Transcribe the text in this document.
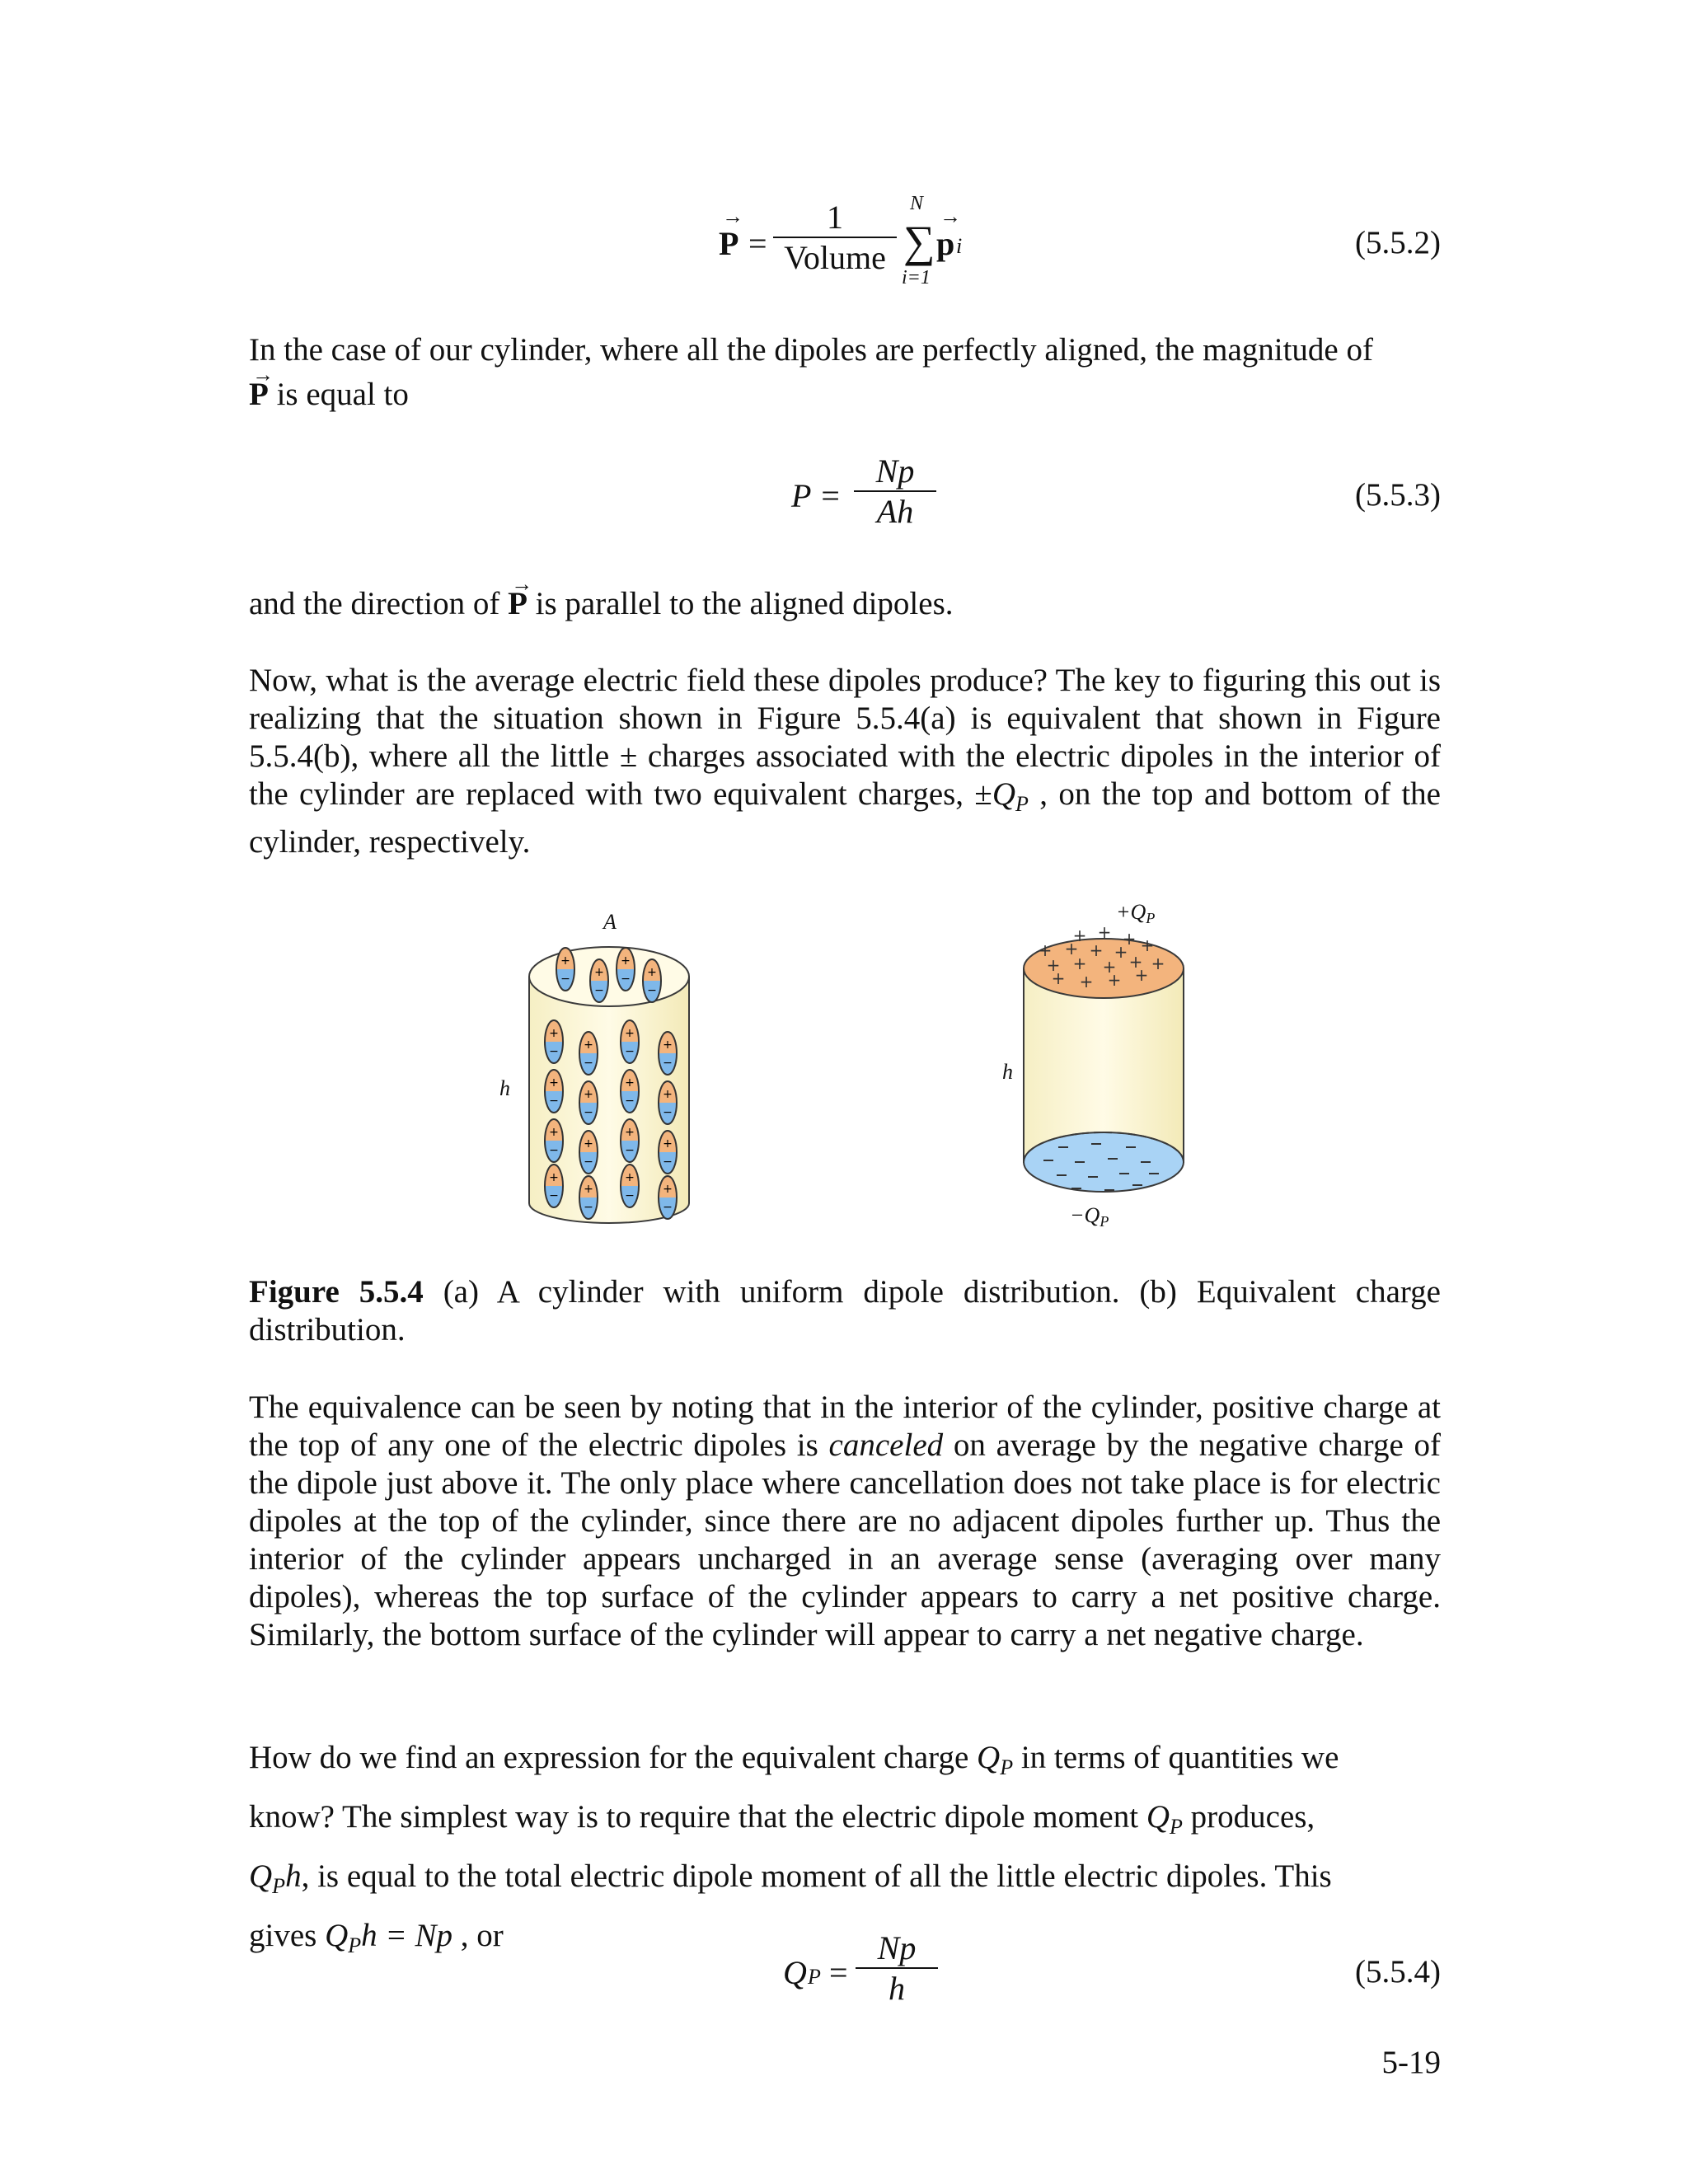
→ P =
1
Volume
N
∑
i=1
→ p i	(5.5.2)
In the case of our cylinder, where all the dipoles are perfectly aligned, the magnitude of
→ P is equal to
$P = \frac{Np}{Ah}$	(5.5.3)
and the direction of → P is parallel to the aligned dipoles.
Now, what is the average electric field these dipoles produce? The key to figuring this out is realizing that the situation shown in Figure 5.5.4(a) is equivalent that shown in Figure 5.5.4(b), where all the little ± charges associated with the electric dipoles in the interior of the cylinder are replaced with two equivalent charges, $\pm Q_P$ , on the top and bottom of the cylinder, respectively.
+
− +
−
+
− +
−
+
− +
−
+
− +
−
+
− +
−
+
− +
−
+
− +
−
+
− +
−
+
− +
−
+
− +
−
+ + +
+ + + + +
+ + + + +
+ + + +
A
h
h
+QP
−QP
Figure 5.5.4 (a) A cylinder with uniform dipole distribution. (b) Equivalent charge distribution.
The equivalence can be seen by noting that in the interior of the cylinder, positive charge at the top of any one of the electric dipoles is canceled on average by the negative charge of the dipole just above it. The only place where cancellation does not take place is for electric dipoles at the top of the cylinder, since there are no adjacent dipoles further up. Thus the interior of the cylinder appears uncharged in an average sense (averaging over many dipoles), whereas the top surface of the cylinder appears to carry a net positive charge. Similarly, the bottom surface of the cylinder will appear to carry a net negative charge.
How do we find an expression for the equivalent charge $Q_P$ in terms of quantities we
know? The simplest way is to require that the electric dipole moment $Q_P$ produces,
$Q_Ph$, is equal to the total electric dipole moment of all the little electric dipoles. This
gives $Q_Ph = Np$ , or
Q $P = \frac{Np}{h}$	(5.5.4)
5-19
